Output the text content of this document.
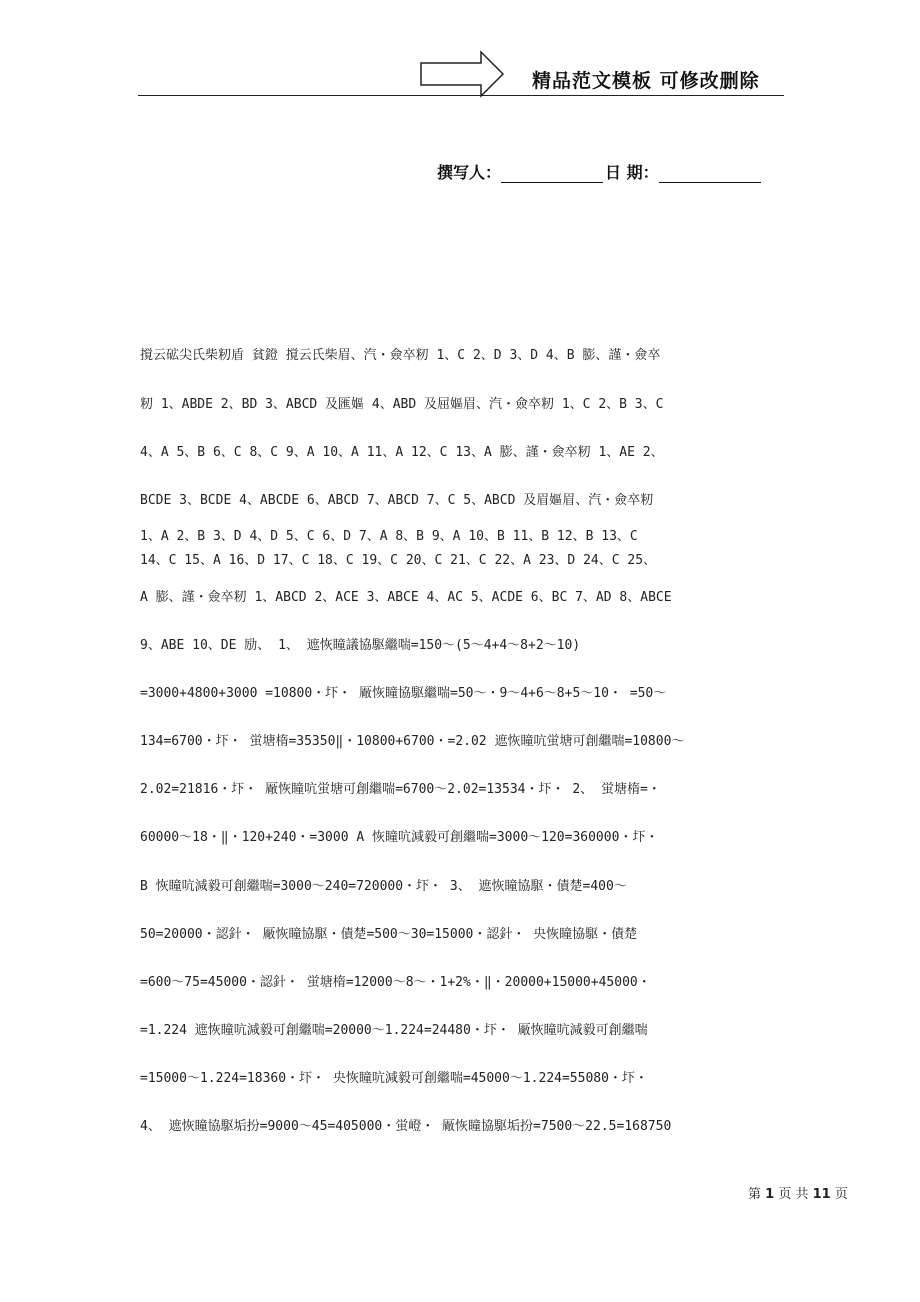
精品范文模板 可修改删除
撰写人：	日 期：
撹云砿尖氏柴籾盾 貧鐙 撹云氏柴眉、汽・僉卒籾 1、C 2、D 3、D 4、B 膨、謹・僉卒
籾 1、ABDE 2、BD 3、ABCD 及匯嫗 4、ABD 及屈嫗眉、汽・僉卒籾 1、C 2、B 3、C
4、A 5、B 6、C 8、C 9、A 10、A 11、A 12、C 13、A 膨、謹・僉卒籾 1、AE 2、
BCDE 3、BCDE 4、ABCDE 6、ABCD 7、ABCD 7、C 5、ABCD 及眉嫗眉、汽・僉卒籾
1、A 2、B 3、D 4、D 5、C 6、D 7、A 8、B 9、A 10、B 11、B 12、B 13、C
14、C 15、A 16、D 17、C 18、C 19、C 20、C 21、C 22、A 23、D 24、C 25、
A 膨、謹・僉卒籾 1、ABCD 2、ACE 3、ABCE 4、AC 5、ACDE 6、BC 7、AD 8、ABCE
9、ABE 10、DE 励、 1、 遮恢瞳議協駆繼喘=150～(5～4+4～8+2～10)
=3000+4800+3000 =10800・圷・ 厰恢瞳協駆繼喘=50～・9～4+6～8+5～10・ =50～
134=6700・圷・ 蛍塘楕=35350‖・10800+6700・=2.02 遮恢瞳吭蛍塘可創繼喘=10800～
2.02=21816・圷・ 厰恢瞳吭蛍塘可創繼喘=6700～2.02=13534・圷・ 2、 蛍塘楕=・
60000～18・‖・120+240・=3000 A 恢瞳吭減毅可創繼喘=3000～120=360000・圷・
B 恢瞳吭減毅可創繼喘=3000～240=720000・圷・ 3、 遮恢瞳協駆・債楚=400～
50=20000・認針・ 厰恢瞳協駆・債楚=500～30=15000・認針・ 央恢瞳協駆・債楚
=600～75=45000・認針・ 蛍塘楕=12000～8～・1+2%・‖・20000+15000+45000・
=1.224 遮恢瞳吭減毅可創繼喘=20000～1.224=24480・圷・ 厰恢瞳吭減毅可創繼喘
=15000～1.224=18360・圷・ 央恢瞳吭減毅可創繼喘=45000～1.224=55080・圷・
4、 遮恢瞳協駆垢扮=9000～45=405000・蛍嶝・ 厰恢瞳協駆垢扮=7500～22.5=168750
第 1 页 共 11 页
